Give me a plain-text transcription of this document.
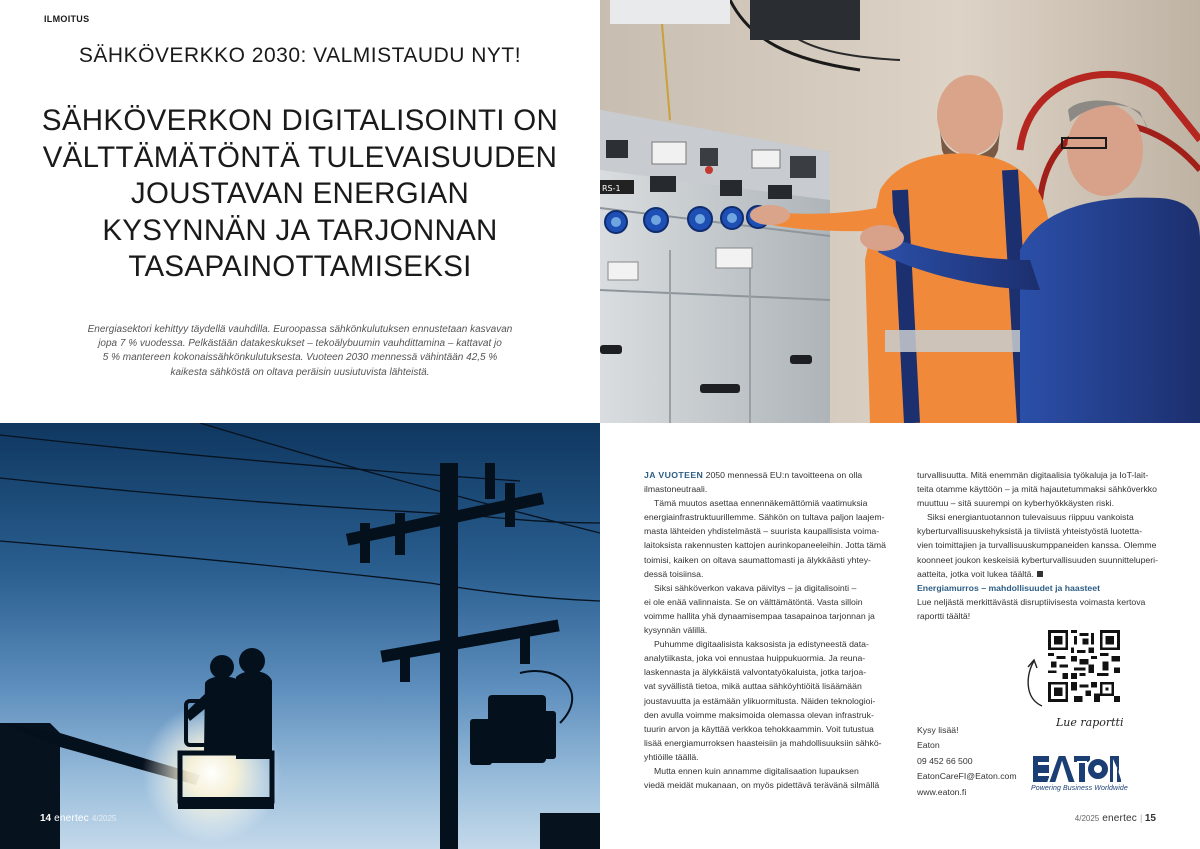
ILMOITUS
SÄHKÖVERKKO 2030: VALMISTAUDU NYT!
SÄHKÖVERKON DIGITALISOINTI ON
VÄLTTÄMÄTÖNTÄ TULEVAISUUDEN
JOUSTAVAN ENERGIAN
KYSYNNÄN JA TARJONNAN
TASAPAINOTTAMISEKSI
Energiasektori kehittyy täydellä vauhdilla. Euroopassa sähkönkulutuksen ennustetaan kasvavan
jopa 7 % vuodessa. Pelkästään datakeskukset – tekoälybuumin vauhdittamina – kattavat jo
5 % mantereen kokonaissähkönkulutuksesta. Vuoteen 2030 mennessä vähintään 42,5 %
kaikesta sähköstä on oltava peräisin uusiutuvista lähteistä.
RS-1

JA VUOTEEN 2050 mennessä EU:n tavoitteena on olla
ilmastoneutraali.

Tämä muutos asettaa ennennäkemättömiä vaatimuksia
energiainfrastruktuurillemme. Sähkön on tultava paljon laajem-
masta lähteiden yhdistelmästä – suurista kaupallisista voima-
laitoksista rakennusten kattojen aurinkopaneeleihin. Jotta tämä
toimisi, kaiken on oltava saumattomasti ja älykkäästi yhtey-
dessä toisiinsa.

Siksi sähköverkon vakava päivitys – ja digitalisointi –
ei ole enää valinnaista. Se on välttämätöntä. Vasta silloin
voimme hallita yhä dynaamisempaa tasapainoa tarjonnan ja
kysynnän välillä.

Puhumme digitaalisista kaksosista ja edistyneestä data-
analytiikasta, joka voi ennustaa huippukuormia. Ja reuna-
laskennasta ja älykkäistä valvontatyökaluista, jotka tarjoa-
vat syvällistä tietoa, mikä auttaa sähköyhtiöitä lisäämään
joustavuutta ja estämään ylikuormitusta. Näiden teknologioi-
den avulla voimme maksimoida olemassa olevan infrastruk-
tuurin arvon ja käyttää verkkoa tehokkaammin. Voit tutustua
lisää energiamurroksen haasteisiin ja mahdollisuuksiin sähkö-
yhtiöille täällä.

Mutta ennen kuin annamme digitalisaation lupauksen
viedä meidät mukanaan, on myös pidettävä terävänä silmällä

turvallisuutta. Mitä enemmän digitaalisia työkaluja ja IoT-lait-
teita otamme käyttöön – ja mitä hajautetummaksi sähköverkko
muuttuu – sitä suurempi on kyberhyökkäysten riski.

Siksi energiantuotannon tulevaisuus riippuu vankoista
kyberturvallisuuskehyksistä ja tiiviistä yhteistyöstä luotetta-
vien toimittajien ja turvallisuuskumppaneiden kanssa. Olemme
koonneet joukon keskeisiä kyberturvallisuuden suunnitteluperi-
aatteita, jotka voit lukea täältä.

Energiamurros – mahdollisuudet ja haasteet

Lue neljästä merkittävästä disruptiivisesta voimasta kertova
raportti täältä!

Lue raportti
Kysy lisää!
Eaton
09 452 66 500
EatonCareFI@Eaton.com
www.eaton.fi	Powering Business Worldwide
14 enertec 4/2025	4/2025 enertec | 15
